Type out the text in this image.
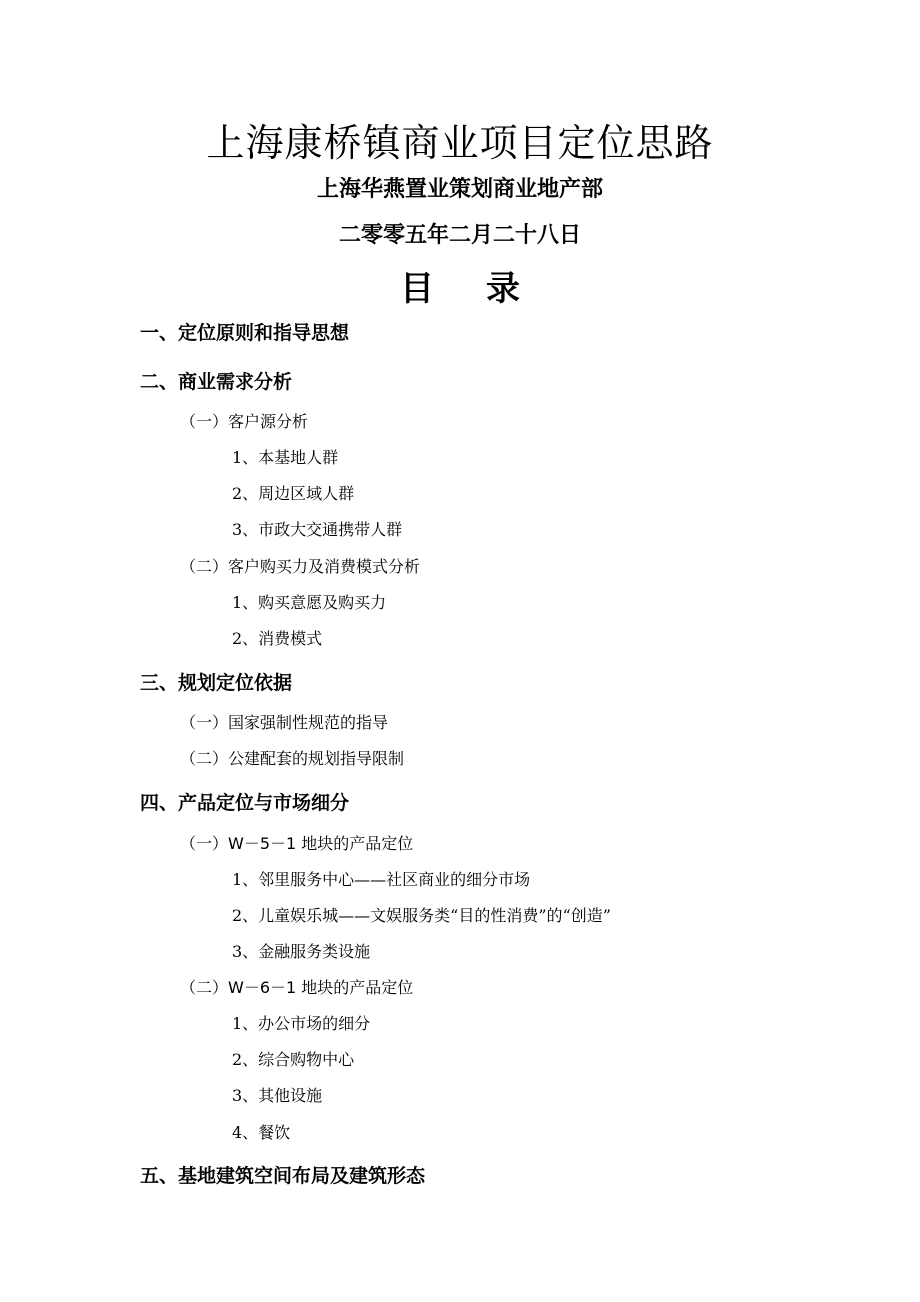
上海康桥镇商业项目定位思路
上海华燕置业策划商业地产部
二零零五年二月二十八日
目 录
一、定位原则和指导思想
二、商业需求分析
（一）客户源分析
1、本基地人群
2、周边区域人群
3、市政大交通携带人群
（二）客户购买力及消费模式分析
1、购买意愿及购买力
2、消费模式
三、规划定位依据
（一）国家强制性规范的指导
（二）公建配套的规划指导限制
四、产品定位与市场细分
（一）W－5－1 地块的产品定位
1、邻里服务中心——社区商业的细分市场
2、儿童娱乐城——文娱服务类“目的性消费”的“创造”
3、金融服务类设施
（二）W－6－1 地块的产品定位
1、办公市场的细分
2、综合购物中心
3、其他设施
4、餐饮
五、基地建筑空间布局及建筑形态
